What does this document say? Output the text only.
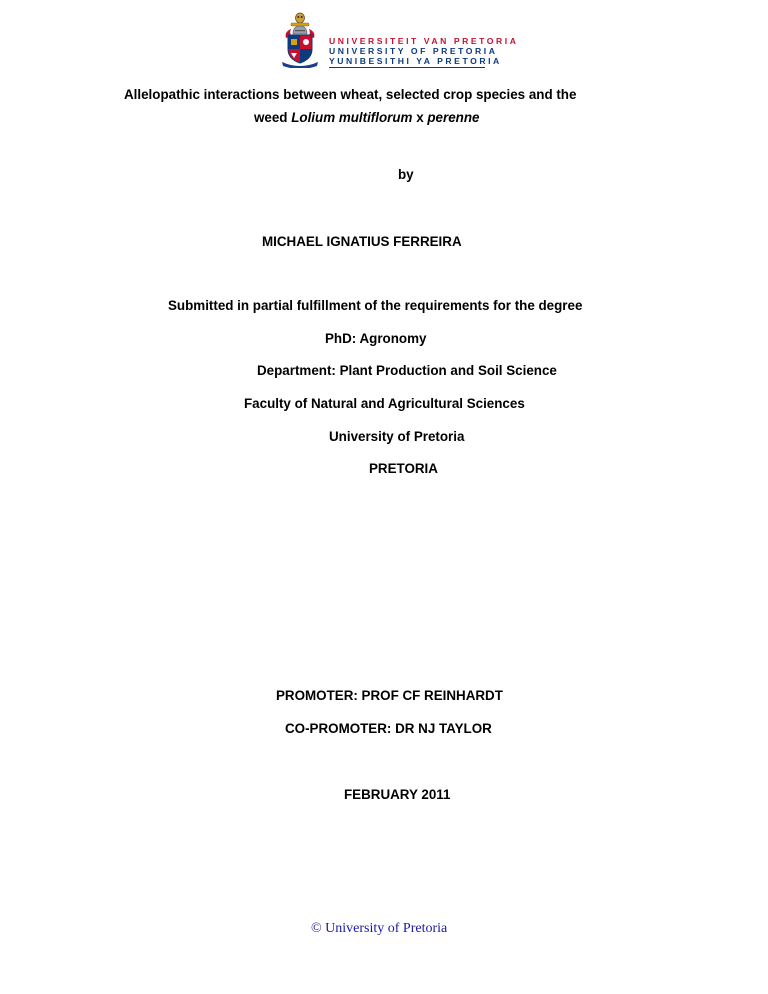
UNIVERSITEIT VAN PRETORIA
UNIVERSITY OF PRETORIA
YUNIBESITHI YA PRETORIA
Allelopathic interactions between wheat, selected crop species and the
weed Lolium multiflorum x perenne
by
MICHAEL IGNATIUS FERREIRA
Submitted in partial fulfillment of the requirements for the degree
PhD: Agronomy
Department: Plant Production and Soil Science
Faculty of Natural and Agricultural Sciences
University of Pretoria
PRETORIA
PROMOTER: PROF CF REINHARDT
CO-PROMOTER: DR NJ TAYLOR
FEBRUARY 2011
© University of Pretoria
